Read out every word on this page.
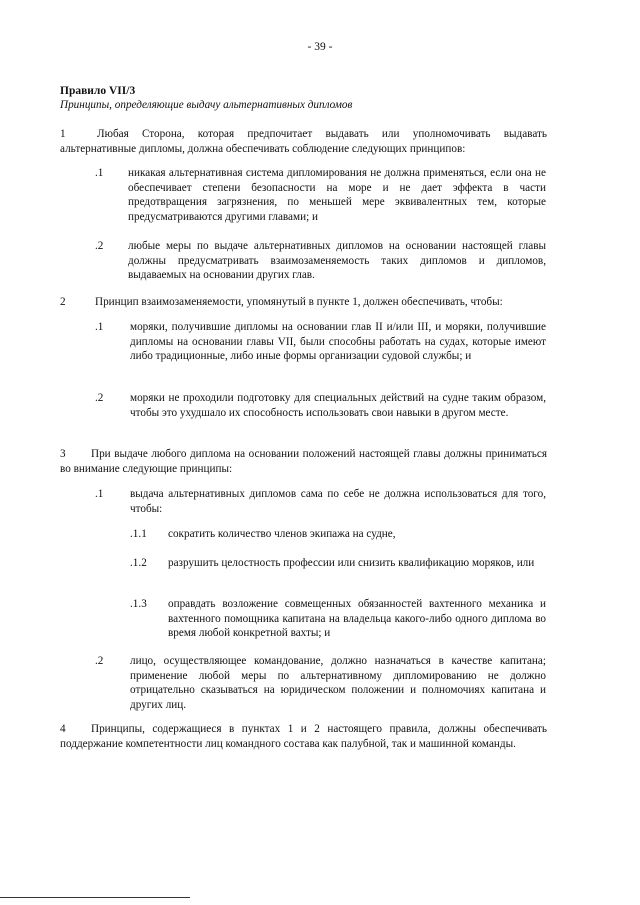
- 39 -
Правило VII/3
Принципы, определяющие выдачу альтернативных дипломов
1	Любая Сторона, которая предпочитает выдавать или уполномочивать выдавать альтернативные дипломы, должна обеспечивать соблюдение следующих принципов:
.1 никакая альтернативная система дипломирования не должна применяться, если она не обеспечивает степени безопасности на море и не дает эффекта в части предотвращения загрязнения, по меньшей мере эквивалентных тем, которые предусматриваются другими главами; и
.2 любые меры по выдаче альтернативных дипломов на основании настоящей главы должны предусматривать взаимозаменяемость таких дипломов и дипломов, выдаваемых на основании других глав.
2	Принцип взаимозаменяемости, упомянутый в пункте 1, должен обеспечивать, чтобы:
.1 моряки, получившие дипломы на основании глав II и/или III, и моряки, получившие дипломы на основании главы VII, были способны работать на судах, которые имеют либо традиционные, либо иные формы организации судовой службы; и
.2 моряки не проходили подготовку для специальных действий на судне таким образом, чтобы это ухудшало их способность использовать свои навыки в другом месте.
3	При выдаче любого диплома на основании положений настоящей главы должны приниматься во внимание следующие принципы:
.1 выдача альтернативных дипломов сама по себе не должна использоваться для того, чтобы:
.1.1 сократить количество членов экипажа на судне,
.1.2 разрушить целостность профессии или снизить квалификацию моряков, или
.1.3 оправдать возложение совмещенных обязанностей вахтенного механика и вахтенного помощника капитана на владельца какого-либо одного диплома во время любой конкретной вахты; и
.2 лицо, осуществляющее командование, должно назначаться в качестве капитана; применение любой меры по альтернативному дипломированию не должно отрицательно сказываться на юридическом положении и полномочиях капитана и других лиц.
4	Принципы, содержащиеся в пунктах 1 и 2 настоящего правила, должны обеспечивать поддержание компетентности лиц командного состава как палубной, так и машинной команды.
